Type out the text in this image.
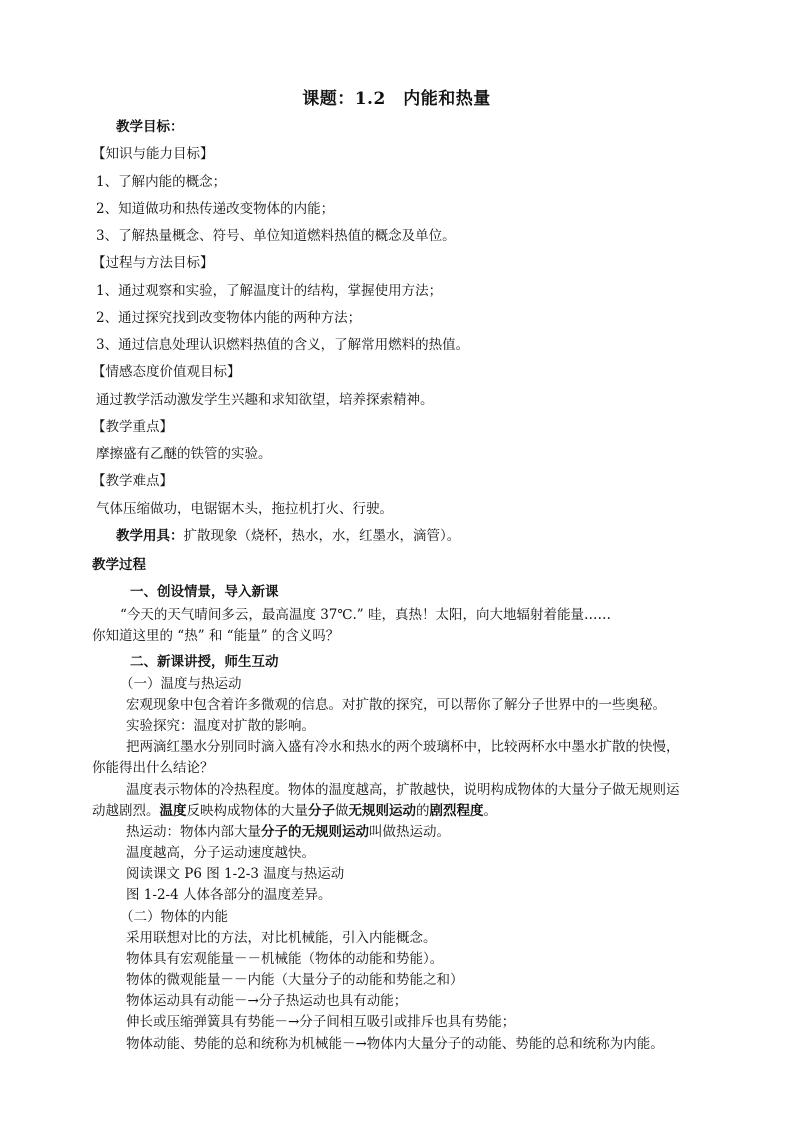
课题：1.2　内能和热量
教学目标：
【知识与能力目标】
1、了解内能的概念；
2、知道做功和热传递改变物体的内能；
3、了解热量概念、符号、单位知道燃料热值的概念及单位。
【过程与方法目标】
1、通过观察和实验，了解温度计的结构，掌握使用方法；
2、通过探究找到改变物体内能的两种方法；
3、通过信息处理认识燃料热值的含义，了解常用燃料的热值。
【情感态度价值观目标】
通过教学活动激发学生兴趣和求知欲望，培养探索精神。
【教学重点】
摩擦盛有乙醚的铁管的实验。
【教学难点】
气体压缩做功，电锯锯木头，拖拉机打火、行驶。
教学用具：扩散现象（烧杯，热水，水，红墨水，滴管）。
教学过程
一、创设情景，导入新课
“今天的天气晴间多云，最高温度 37℃.” 哇，真热！太阳，向大地辐射着能量……
你知道这里的 “热” 和 “能量” 的含义吗？
二、新课讲授，师生互动
（一）温度与热运动
宏观现象中包含着许多微观的信息。对扩散的探究，可以帮你了解分子世界中的一些奥秘。
实验探究：温度对扩散的影响。
把两滴红墨水分别同时滴入盛有冷水和热水的两个玻璃杯中，比较两杯水中墨水扩散的快慢，
你能得出什么结论？
温度表示物体的冷热程度。物体的温度越高，扩散越快，说明构成物体的大量分子做无规则运
动越剧烈。温度反映构成物体的大量分子做无规则运动的剧烈程度。
热运动：物体内部大量分子的无规则运动叫做热运动。
温度越高，分子运动速度越快。
阅读课文 P6 图 1-2-3 温度与热运动
图 1-2-4 人体各部分的温度差异。
（二）物体的内能
采用联想对比的方法，对比机械能，引入内能概念。
物体具有宏观能量－－机械能（物体的动能和势能）。
物体的微观能量－－内能（大量分子的动能和势能之和）
物体运动具有动能－→分子热运动也具有动能；
伸长或压缩弹簧具有势能－→分子间相互吸引或排斥也具有势能；
物体动能、势能的总和统称为机械能－→物体内大量分子的动能、势能的总和统称为内能。
